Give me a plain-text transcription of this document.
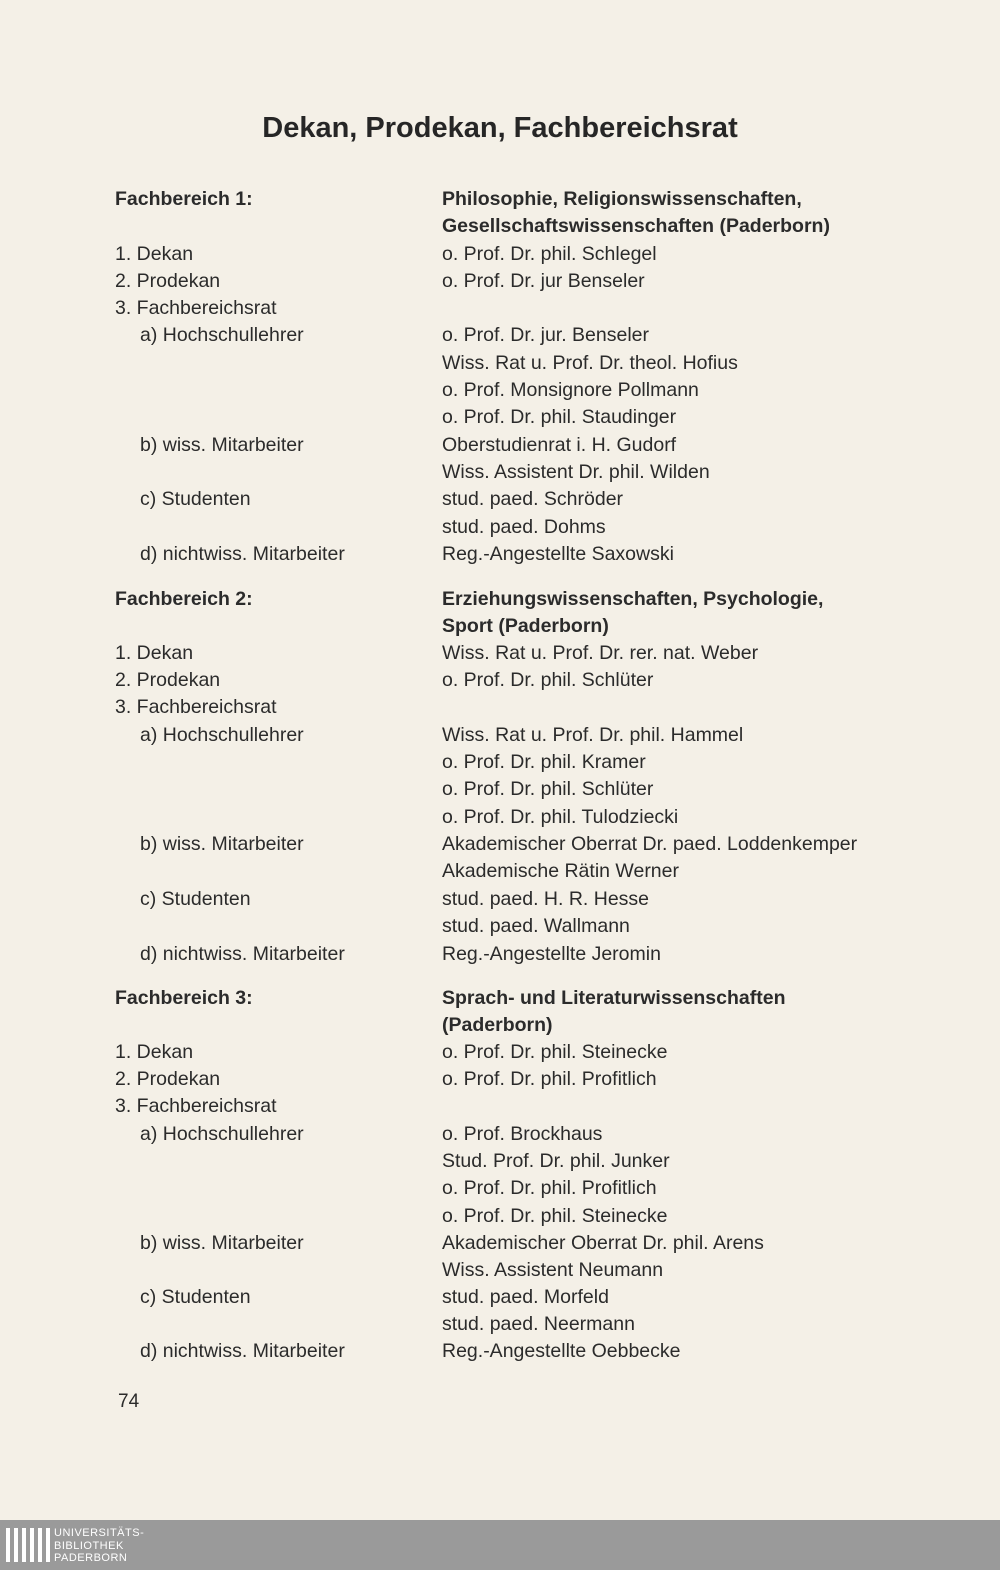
Dekan, Prodekan, Fachbereichsrat
Fachbereich 1:	Philosophie, Religionswissenschaften,
Gesellschaftswissenschaften (Paderborn)
1. Dekan	o. Prof. Dr. phil. Schlegel
2. Prodekan	o. Prof. Dr. jur Benseler
3. Fachbereichsrat
a) Hochschullehrer	o. Prof. Dr. jur. Benseler
Wiss. Rat u. Prof. Dr. theol. Hofius
o. Prof. Monsignore Pollmann
o. Prof. Dr. phil. Staudinger
b) wiss. Mitarbeiter	Oberstudienrat i. H. Gudorf
Wiss. Assistent Dr. phil. Wilden
c) Studenten	stud. paed. Schröder
stud. paed. Dohms
d) nichtwiss. Mitarbeiter	Reg.-Angestellte Saxowski
Fachbereich 2:	Erziehungswissenschaften, Psychologie,
Sport (Paderborn)
1. Dekan	Wiss. Rat u. Prof. Dr. rer. nat. Weber
2. Prodekan	o. Prof. Dr. phil. Schlüter
3. Fachbereichsrat
a) Hochschullehrer	Wiss. Rat u. Prof. Dr. phil. Hammel
o. Prof. Dr. phil. Kramer
o. Prof. Dr. phil. Schlüter
o. Prof. Dr. phil. Tulodziecki
b) wiss. Mitarbeiter	Akademischer Oberrat Dr. paed. Loddenkemper
Akademische Rätin Werner
c) Studenten	stud. paed. H. R. Hesse
stud. paed. Wallmann
d) nichtwiss. Mitarbeiter	Reg.-Angestellte Jeromin
Fachbereich 3:	Sprach- und Literaturwissenschaften
(Paderborn)
1. Dekan	o. Prof. Dr. phil. Steinecke
2. Prodekan	o. Prof. Dr. phil. Profitlich
3. Fachbereichsrat
a) Hochschullehrer	o. Prof. Brockhaus
Stud. Prof. Dr. phil. Junker
o. Prof. Dr. phil. Profitlich
o. Prof. Dr. phil. Steinecke
b) wiss. Mitarbeiter	Akademischer Oberrat Dr. phil. Arens
Wiss. Assistent Neumann
c) Studenten	stud. paed. Morfeld
stud. paed. Neermann
d) nichtwiss. Mitarbeiter	Reg.-Angestellte Oebbecke
74
UNIVERSITÄTS-
BIBLIOTHEK
PADERBORN
